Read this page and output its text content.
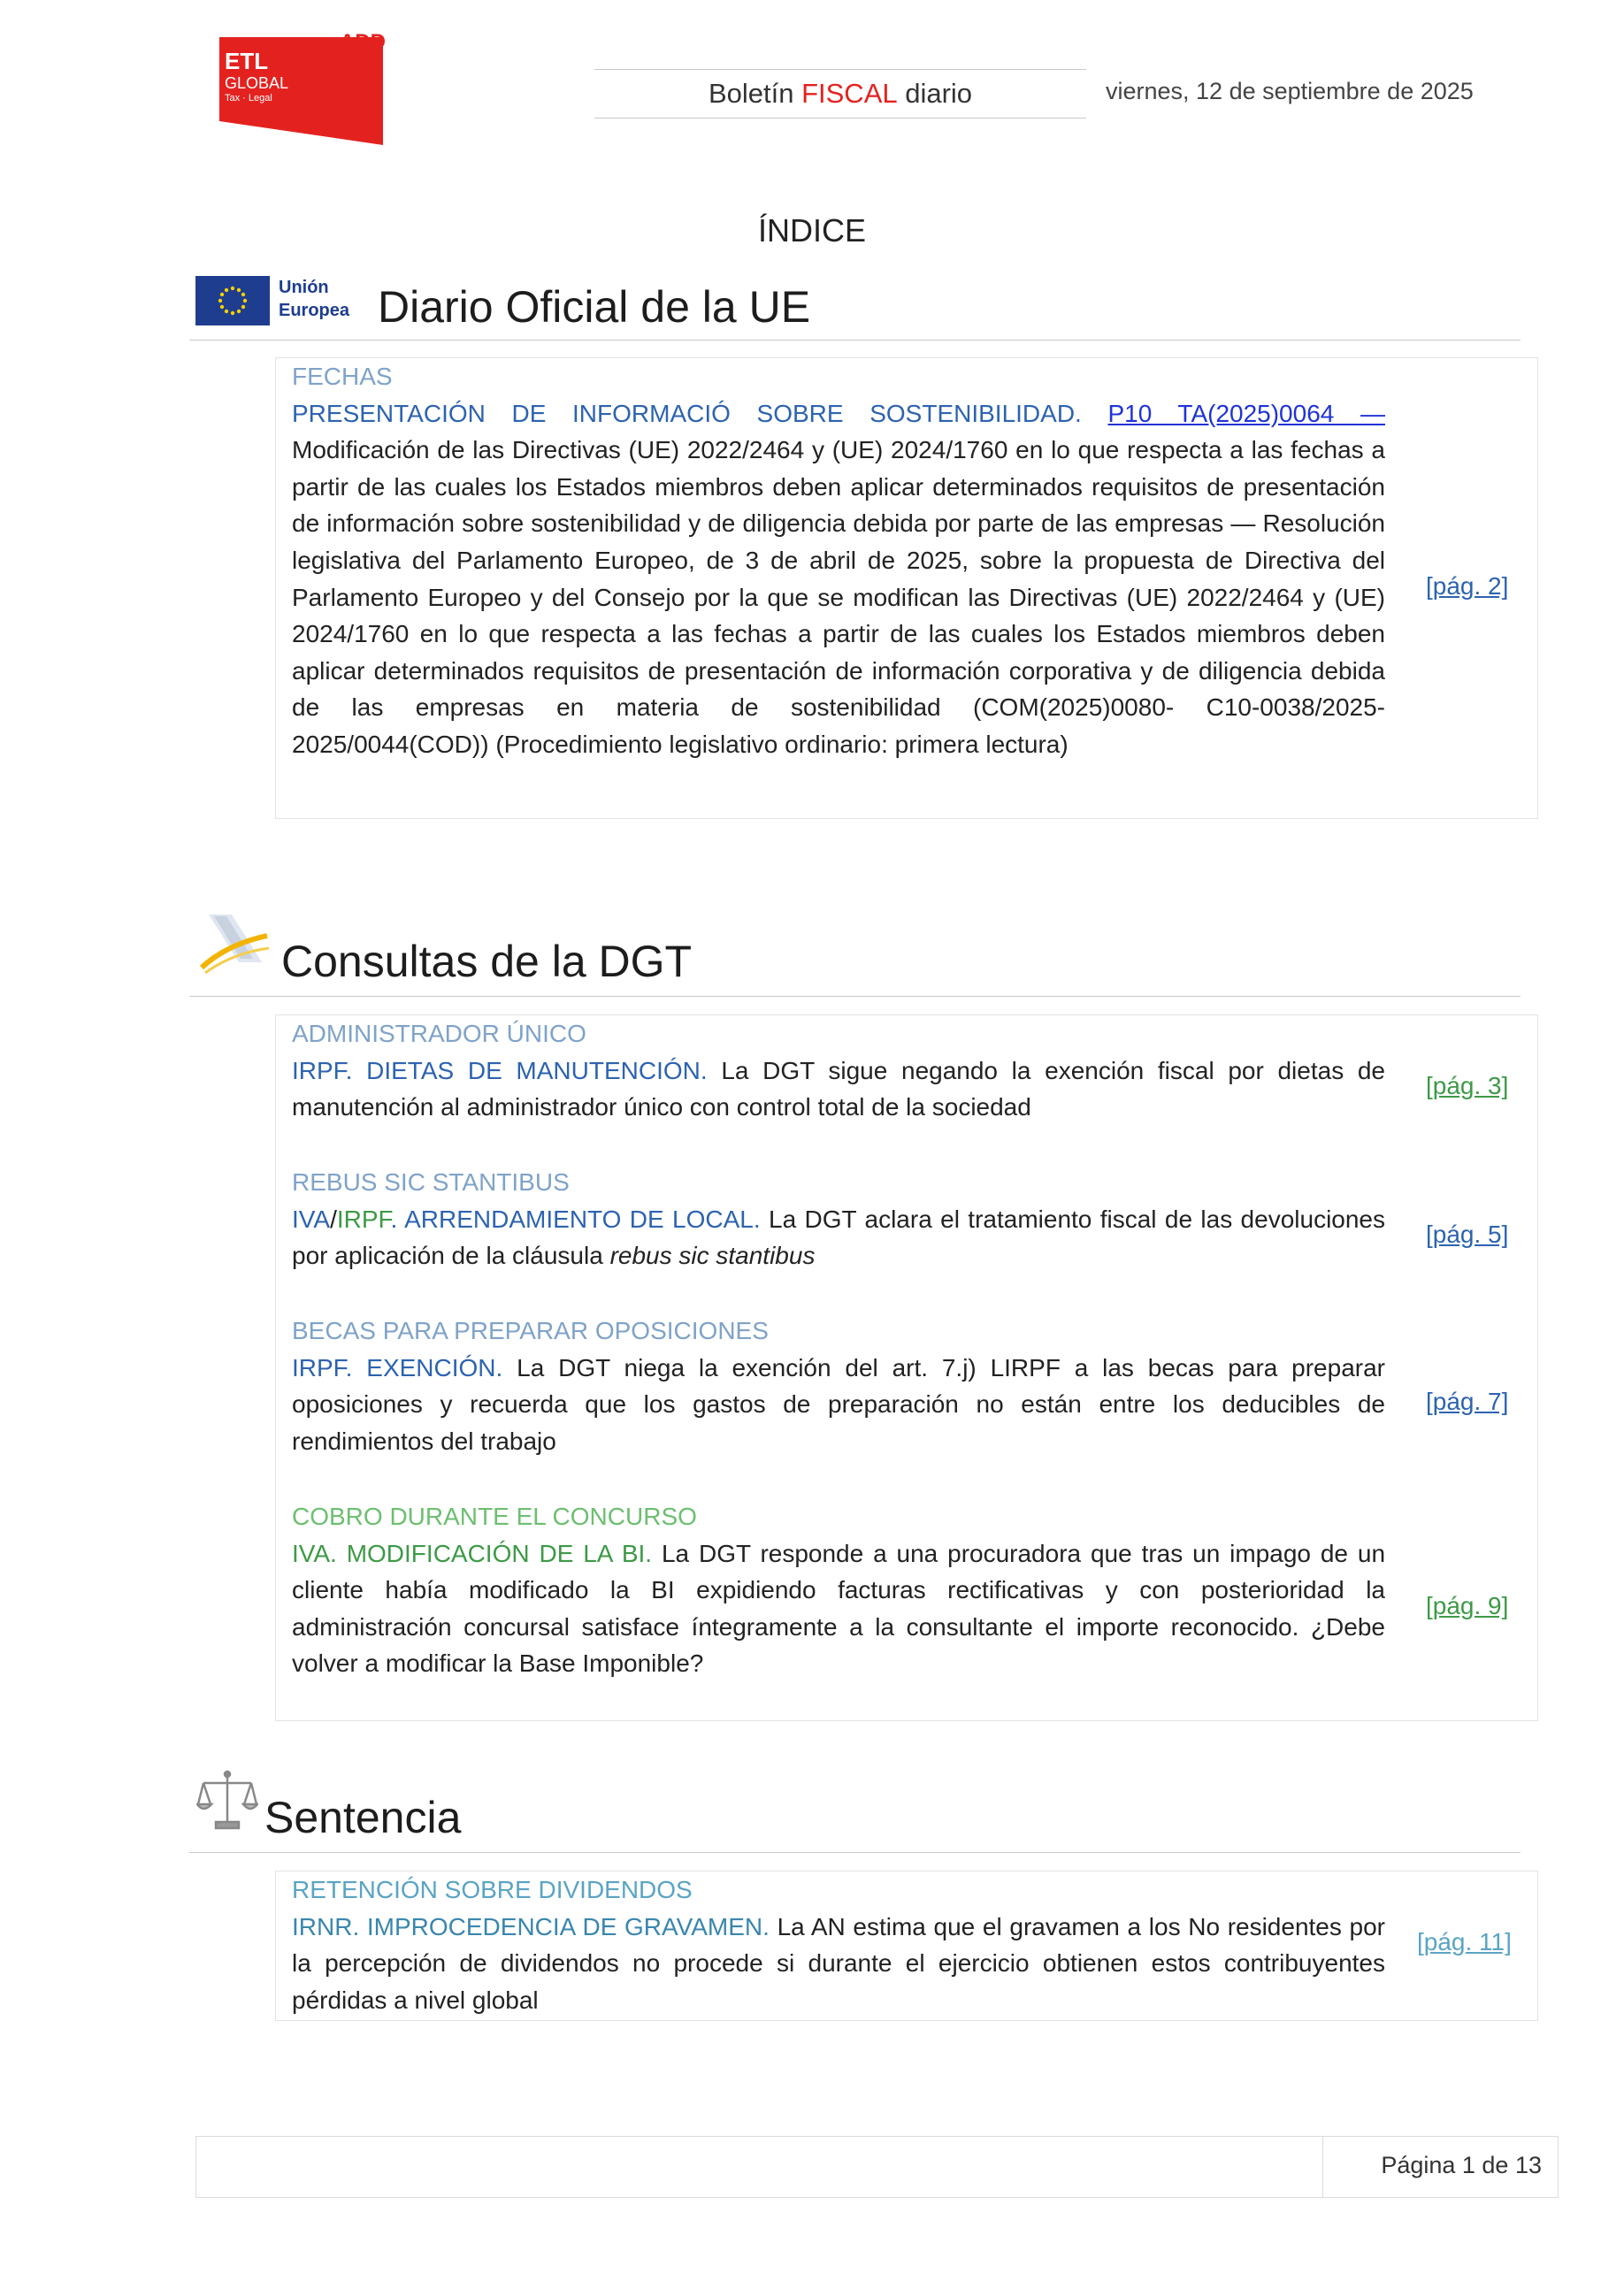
ETL
GLOBAL
Tax · Legal
ADD
Boletín FISCAL diario	viernes, 12 de septiembre de 2025
ÍNDICE
Unión
Europea Diario Oficial de la UE
FECHAS
PRESENTACIÓN DE INFORMACIÓ SOBRE SOSTENIBILIDAD. P10 TA(2025)0064 — Modificación de las Directivas (UE) 2022/2464 y (UE) 2024/1760 en lo que respecta a las fechas a partir de las cuales los Estados miembros deben aplicar determinados requisitos de presentación de información sobre sostenibilidad y de diligencia debida por parte de las empresas — Resolución legislativa del Parlamento Europeo, de 3 de abril de 2025, sobre la propuesta de Directiva del Parlamento Europeo y del Consejo por la que se modifican las Directivas (UE) 2022/2464 y (UE) 2024/1760 en lo que respecta a las fechas a partir de las cuales los Estados miembros deben aplicar determinados requisitos de presentación de información corporativa y de diligencia debida de las empresas en materia de sostenibilidad (COM(2025)0080- C10-0038/2025- 2025/0044(COD)) (Procedimiento legislativo ordinario: primera lectura)
[pág. 2]
Consultas de la DGT
ADMINISTRADOR ÚNICO
IRPF. DIETAS DE MANUTENCIÓN. La DGT sigue negando la exención fiscal por dietas de manutención al administrador único con control total de la sociedad
[pág. 3]
REBUS SIC STANTIBUS
IVA/IRPF. ARRENDAMIENTO DE LOCAL. La DGT aclara el tratamiento fiscal de las devoluciones por aplicación de la cláusula rebus sic stantibus
[pág. 5]
BECAS PARA PREPARAR OPOSICIONES
IRPF. EXENCIÓN. La DGT niega la exención del art. 7.j) LIRPF a las becas para preparar oposiciones y recuerda que los gastos de preparación no están entre los deducibles de rendimientos del trabajo
[pág. 7]
COBRO DURANTE EL CONCURSO
IVA. MODIFICACIÓN DE LA BI. La DGT responde a una procuradora que tras un impago de un cliente había modificado la BI expidiendo facturas rectificativas y con posterioridad la administración concursal satisface íntegramente a la consultante el importe reconocido. ¿Debe volver a modificar la Base Imponible?
[pág. 9]
Sentencia
RETENCIÓN SOBRE DIVIDENDOS
IRNR. IMPROCEDENCIA DE GRAVAMEN. La AN estima que el gravamen a los No residentes por la percepción de dividendos no procede si durante el ejercicio obtienen estos contribuyentes pérdidas a nivel global
[pág. 11]
Página 1 de 13
